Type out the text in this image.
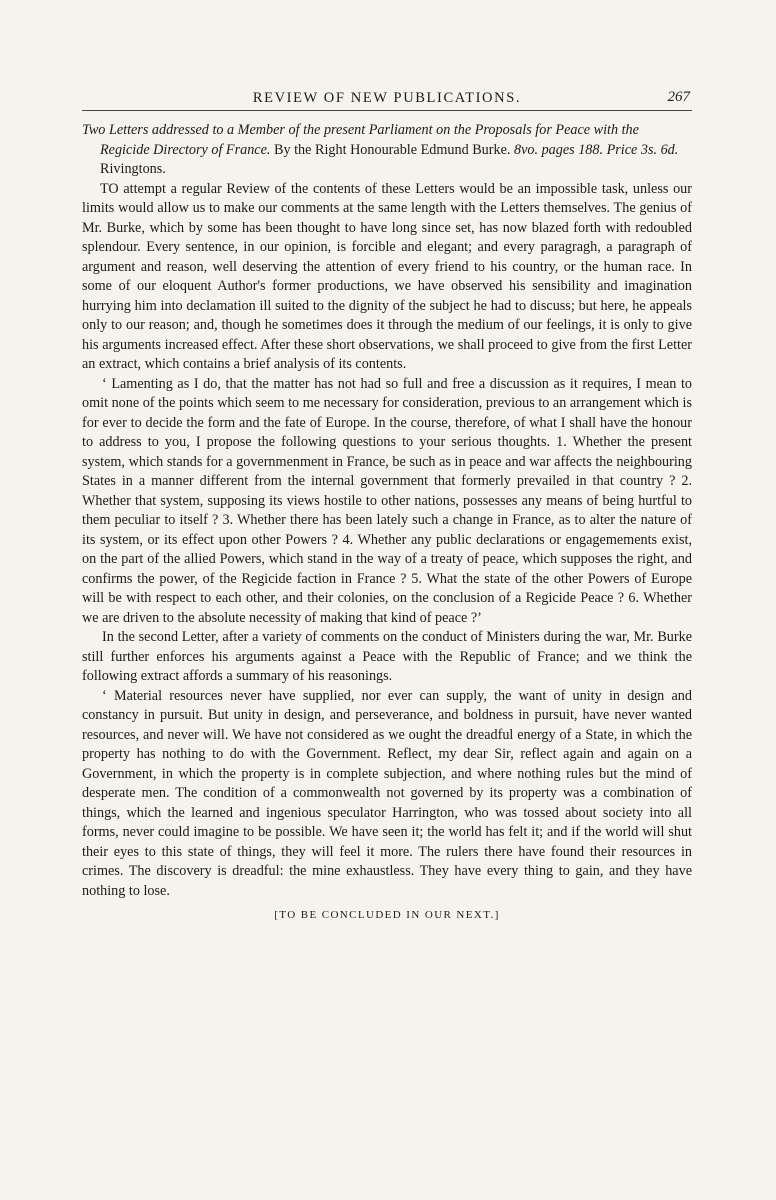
REVIEW OF NEW PUBLICATIONS.	267

Two Letters addressed to a Member of the present Parliament on the Proposals for Peace with the Regicide Directory of France. By the Right Honourable Edmund Burke. 8vo. pages 188. Price 3s. 6d. Rivingtons.

TO attempt a regular Review of the contents of these Letters would be an impossible task, unless our limits would allow us to make our comments at the same length with the Letters themselves. The genius of Mr. Burke, which by some has been thought to have long since set, has now blazed forth with redoubled splendour. Every sentence, in our opinion, is forcible and elegant; and every paragragh, a paragraph of argument and reason, well deserving the attention of every friend to his country, or the human race. In some of our eloquent Author's former productions, we have observed his sensibility and imagination hurrying him into declamation ill suited to the dignity of the subject he had to discuss; but here, he appeals only to our reason; and, though he sometimes does it through the medium of our feelings, it is only to give his arguments increased effect. After these short observations, we shall proceed to give from the first Letter an extract, which contains a brief analysis of its contents.

‘ Lamenting as I do, that the matter has not had so full and free a discussion as it requires, I mean to omit none of the points which seem to me necessary for consideration, previous to an arrangement which is for ever to decide the form and the fate of Europe. In the course, therefore, of what I shall have the honour to address to you, I propose the following questions to your serious thoughts. 1. Whether the present system, which stands for a governmenment in France, be such as in peace and war affects the neighbouring States in a manner different from the internal government that formerly prevailed in that country ? 2. Whether that system, supposing its views hostile to other nations, possesses any means of being hurtful to them peculiar to itself ? 3. Whether there has been lately such a change in France, as to alter the nature of its system, or its effect upon other Powers ? 4. Whether any public declarations or engagemements exist, on the part of the allied Powers, which stand in the way of a treaty of peace, which supposes the right, and confirms the power, of the Regicide faction in France ? 5. What the state of the other Powers of Europe will be with respect to each other, and their colonies, on the conclusion of a Regicide Peace ? 6. Whether we are driven to the absolute necessity of making that kind of peace ?’

In the second Letter, after a variety of comments on the conduct of Ministers during the war, Mr. Burke still further enforces his arguments against a Peace with the Republic of France; and we think the following extract affords a summary of his reasonings.

‘ Material resources never have supplied, nor ever can supply, the want of unity in design and constancy in pursuit. But unity in design, and perseverance, and boldness in pursuit, have never wanted resources, and never will. We have not considered as we ought the dreadful energy of a State, in which the property has nothing to do with the Government. Reflect, my dear Sir, reflect again and again on a Government, in which the property is in complete subjection, and where nothing rules but the mind of desperate men. The condition of a commonwealth not governed by its property was a combination of things, which the learned and ingenious speculator Harrington, who was tossed about society into all forms, never could imagine to be possible. We have seen it; the world has felt it; and if the world will shut their eyes to this state of things, they will feel it more. The rulers there have found their resources in crimes. The discovery is dreadful: the mine exhaustless. They have every thing to gain, and they have nothing to lose.

[TO BE CONCLUDED IN OUR NEXT.]
